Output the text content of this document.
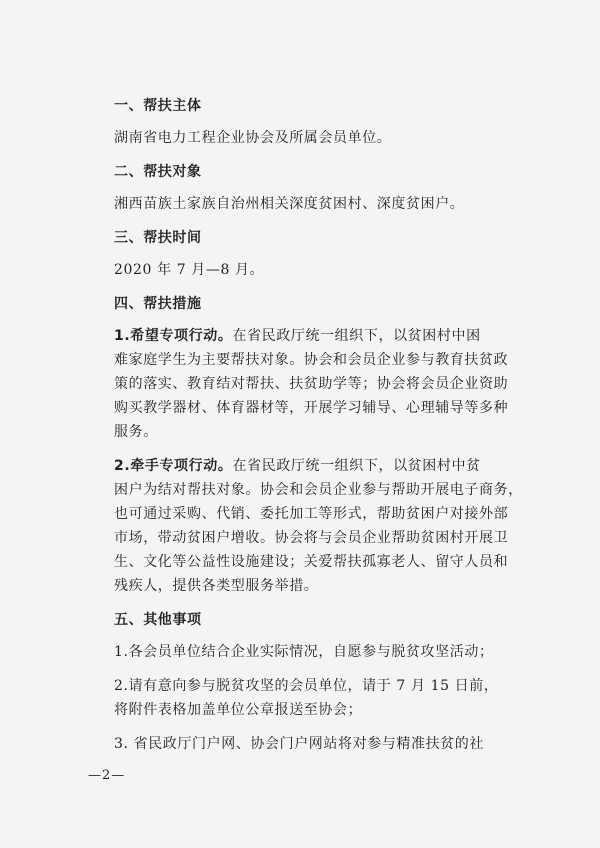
一、帮扶主体

湖南省电力工程企业协会及所属会员单位。

二、帮扶对象

湘西苗族土家族自治州相关深度贫困村、深度贫困户。

三、帮扶时间

2020 年 7 月—8 月。

四、帮扶措施

1.希望专项行动。在省民政厅统一组织下，以贫困村中困

难家庭学生为主要帮扶对象。协会和会员企业参与教育扶贫政

策的落实、教育结对帮扶、扶贫助学等；协会将会员企业资助

购买教学器材、体育器材等，开展学习辅导、心理辅导等多种

服务。

2.牵手专项行动。在省民政厅统一组织下，以贫困村中贫

困户为结对帮扶对象。协会和会员企业参与帮助开展电子商务，

也可通过采购、代销、委托加工等形式，帮助贫困户对接外部

市场，带动贫困户增收。协会将与会员企业帮助贫困村开展卫

生、文化等公益性设施建设；关爱帮扶孤寡老人、留守人员和

残疾人，提供各类型服务举措。

五、其他事项

1.各会员单位结合企业实际情况，自愿参与脱贫攻坚活动；

2.请有意向参与脱贫攻坚的会员单位，请于 7 月 15 日前，

将附件表格加盖单位公章报送至协会；

3. 省民政厅门户网、协会门户网站将对参与精准扶贫的社

—2—
